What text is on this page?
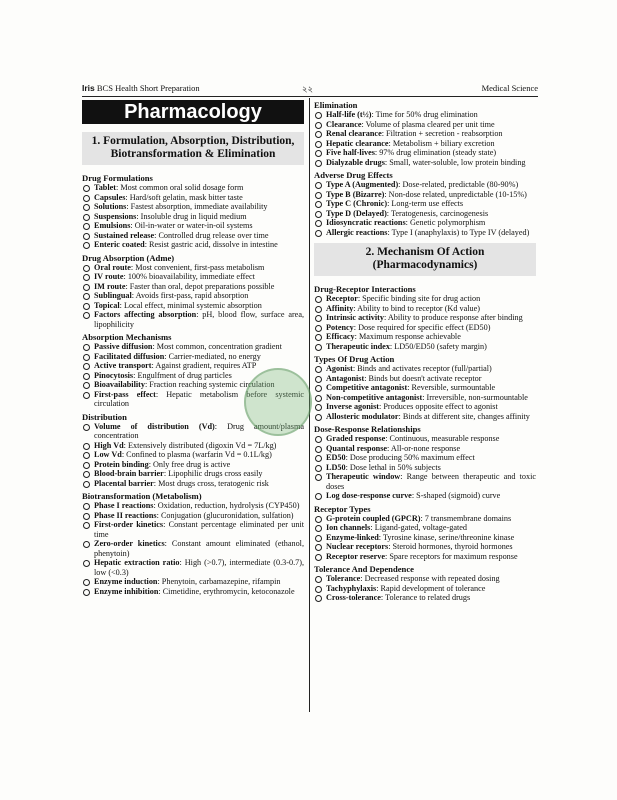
Iris BCS Health Short Preparation	২২	Medical Science
Pharmacology
1. Formulation, Absorption, Distribution, Biotransformation & Elimination
Drug Formulations
Tablet: Most common oral solid dosage form
Capsules: Hard/soft gelatin, mask bitter taste
Solutions: Fastest absorption, immediate availability
Suspensions: Insoluble drug in liquid medium
Emulsions: Oil-in-water or water-in-oil systems
Sustained release: Controlled drug release over time
Enteric coated: Resist gastric acid, dissolve in intestine
Drug Absorption (Adme)
Oral route: Most convenient, first-pass metabolism
IV route: 100% bioavailability, immediate effect
IM route: Faster than oral, depot preparations possible
Sublingual: Avoids first-pass, rapid absorption
Topical: Local effect, minimal systemic absorption
Factors affecting absorption: pH, blood flow, surface area, lipophilicity
Absorption Mechanisms
Passive diffusion: Most common, concentration gradient
Facilitated diffusion: Carrier-mediated, no energy
Active transport: Against gradient, requires ATP
Pinocytosis: Engulfment of drug particles
Bioavailability: Fraction reaching systemic circulation
First-pass effect: Hepatic metabolism before systemic circulation
Distribution
Volume of distribution (Vd): Drug amount/plasma concentration
High Vd: Extensively distributed (digoxin Vd = 7L/kg)
Low Vd: Confined to plasma (warfarin Vd = 0.1L/kg)
Protein binding: Only free drug is active
Blood-brain barrier: Lipophilic drugs cross easily
Placental barrier: Most drugs cross, teratogenic risk
Biotransformation (Metabolism)
Phase I reactions: Oxidation, reduction, hydrolysis (CYP450)
Phase II reactions: Conjugation (glucuronidation, sulfation)
First-order kinetics: Constant percentage eliminated per unit time
Zero-order kinetics: Constant amount eliminated (ethanol, phenytoin)
Hepatic extraction ratio: High (>0.7), intermediate (0.3-0.7), low (<0.3)
Enzyme induction: Phenytoin, carbamazepine, rifampin
Enzyme inhibition: Cimetidine, erythromycin, ketoconazole
Elimination
Half-life (t½): Time for 50% drug elimination
Clearance: Volume of plasma cleared per unit time
Renal clearance: Filtration + secretion - reabsorption
Hepatic clearance: Metabolism + biliary excretion
Five half-lives: 97% drug elimination (steady state)
Dialyzable drugs: Small, water-soluble, low protein binding
Adverse Drug Effects
Type A (Augmented): Dose-related, predictable (80-90%)
Type B (Bizarre): Non-dose related, unpredictable (10-15%)
Type C (Chronic): Long-term use effects
Type D (Delayed): Teratogenesis, carcinogenesis
Idiosyncratic reactions: Genetic polymorphism
Allergic reactions: Type I (anaphylaxis) to Type IV (delayed)
2. Mechanism Of Action (Pharmacodynamics)
Drug-Receptor Interactions
Receptor: Specific binding site for drug action
Affinity: Ability to bind to receptor (Kd value)
Intrinsic activity: Ability to produce response after binding
Potency: Dose required for specific effect (ED50)
Efficacy: Maximum response achievable
Therapeutic index: LD50/ED50 (safety margin)
Types Of Drug Action
Agonist: Binds and activates receptor (full/partial)
Antagonist: Binds but doesn't activate receptor
Competitive antagonist: Reversible, surmountable
Non-competitive antagonist: Irreversible, non-surmountable
Inverse agonist: Produces opposite effect to agonist
Allosteric modulator: Binds at different site, changes affinity
Dose-Response Relationships
Graded response: Continuous, measurable response
Quantal response: All-or-none response
ED50: Dose producing 50% maximum effect
LD50: Dose lethal in 50% subjects
Therapeutic window: Range between therapeutic and toxic doses
Log dose-response curve: S-shaped (sigmoid) curve
Receptor Types
G-protein coupled (GPCR): 7 transmembrane domains
Ion channels: Ligand-gated, voltage-gated
Enzyme-linked: Tyrosine kinase, serine/threonine kinase
Nuclear receptors: Steroid hormones, thyroid hormones
Receptor reserve: Spare receptors for maximum response
Tolerance And Dependence
Tolerance: Decreased response with repeated dosing
Tachyphylaxis: Rapid development of tolerance
Cross-tolerance: Tolerance to related drugs
